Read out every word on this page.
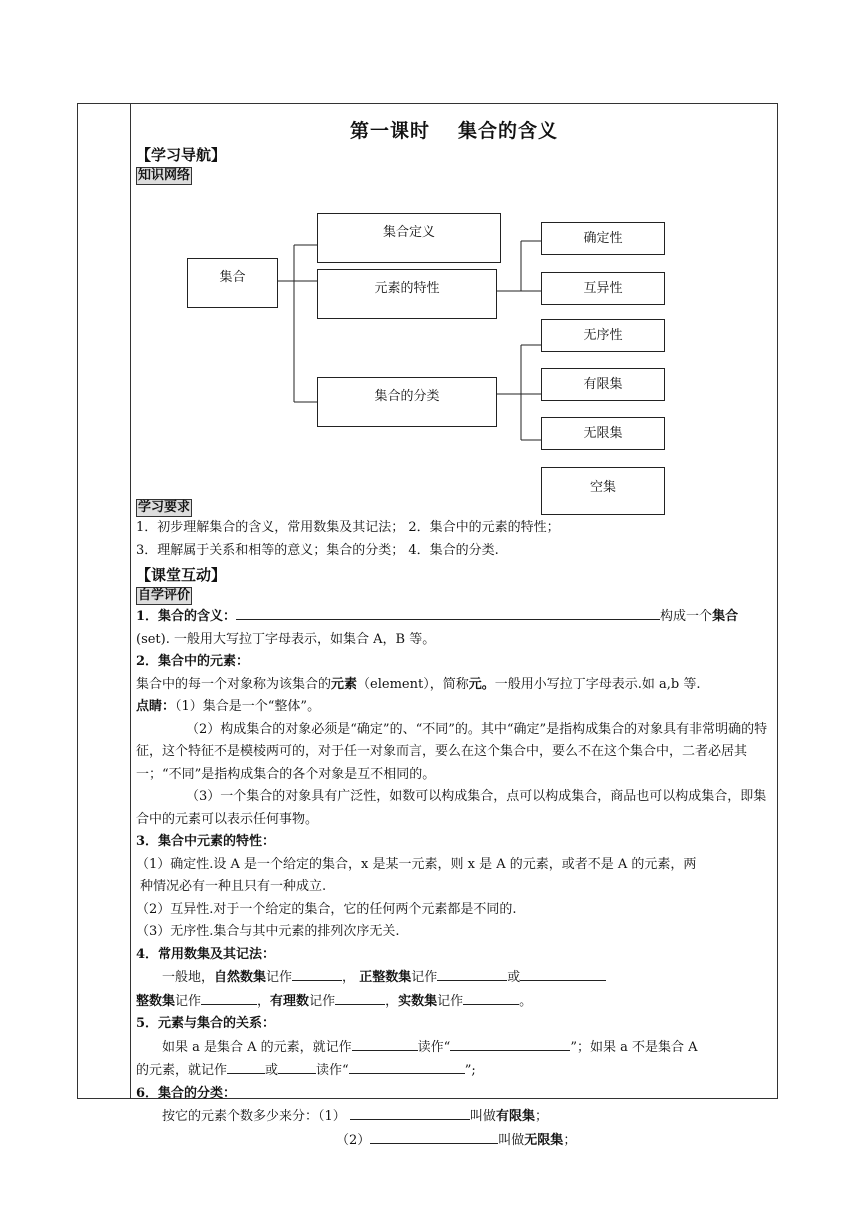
第一课时 集合的含义
【学习导航】
知识网络
集合
集合定义
元素的特性
集合的分类
确定性
互异性
无序性
有限集
无限集
空集
学习要求

1．初步理解集合的含义，常用数集及其记法； 2．集合中的元素的特性；

3．理解属于关系和相等的意义；集合的分类； 4．集合的分类.

【课堂互动】
自学评价

1．集合的含义：	构成一个集合

(set). 一般用大写拉丁字母表示，如集合 A，B 等。

2．集合中的元素：

集合中的每一个对象称为该集合的元素（element），简称元。一般用小写拉丁字母表示.如 a,b 等.

点睛：（1）集合是一个“整体”。

（2）构成集合的对象必须是“确定”的、“不同”的。其中“确定”是指构成集合的对象具有非常明确的特征，这个特征不是模棱两可的，对于任一对象而言，要么在这个集合中，要么不在这个集合中，二者必居其一；“不同”是指构成集合的各个对象是互不相同的。

（3）一个集合的对象具有广泛性，如数可以构成集合，点可以构成集合，商品也可以构成集合，即集合中的元素可以表示任何事物。

3．集合中元素的特性：

（1）确定性.设 A 是一个给定的集合，x 是某一元素，则 x 是 A 的元素，或者不是 A 的元素，两

种情况必有一种且只有一种成立.

（2）互异性.对于一个给定的集合，它的任何两个元素都是不同的.

（3）无序性.集合与其中元素的排列次序无关.

4．常用数集及其记法：

一般地，自然数集记作	， 正整数集记作	或

整数集记作	，有理数记作	，实数集记作	。

5．元素与集合的关系：

如果 a 是集合 A 的元素，就记作	读作“	”；如果 a 不是集合 A

的元素，就记作	或	读作“	”;

6．集合的分类：

按它的元素个数多少来分：（1）	叫做有限集；

（2）	叫做无限集；
